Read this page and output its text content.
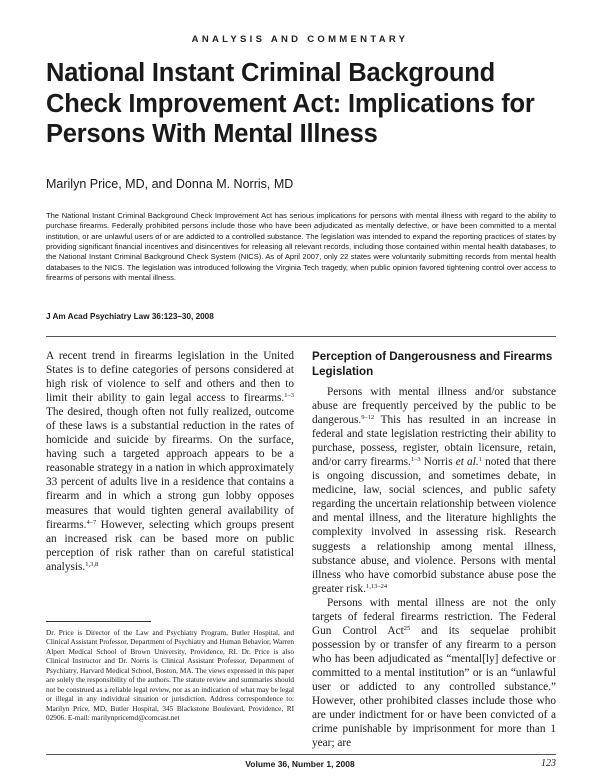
ANALYSIS AND COMMENTARY
National Instant Criminal Background Check Improvement Act: Implications for Persons With Mental Illness
Marilyn Price, MD, and Donna M. Norris, MD

The National Instant Criminal Background Check Improvement Act has serious implications for persons with mental illness with regard to the ability to purchase firearms. Federally prohibited persons include those who have been adjudicated as mentally defective, or have been committed to a mental institution, or are unlawful users of or are addicted to a controlled substance. The legislation was intended to expand the reporting practices of states by providing significant financial incentives and disincentives for releasing all relevant records, including those contained within mental health databases, to the National Instant Criminal Background Check System (NICS). As of April 2007, only 22 states were voluntarily submitting records from mental health databases to the NICS. The legislation was introduced following the Virginia Tech tragedy, when public opinion favored tightening control over access to firearms of persons with mental illness.

J Am Acad Psychiatry Law 36:123–30, 2008

A recent trend in firearms legislation in the United States is to define categories of persons considered at high risk of violence to self and others and then to limit their ability to gain legal access to firearms.$^{1-3}$ The desired, though often not fully realized, outcome of these laws is a substantial reduction in the rates of homicide and suicide by firearms. On the surface, having such a targeted approach appears to be a reasonable strategy in a nation in which approximately 33 percent of adults live in a residence that contains a firearm and in which a strong gun lobby opposes measures that would tighten general availability of firearms.$^{4-7}$ However, selecting which groups present an increased risk can be based more on public perception of risk rather than on careful statistical analysis.$^{1,3,8}$

Dr. Price is Director of the Law and Psychiatry Program, Butler Hospital, and Clinical Assistant Professor, Department of Psychiatry and Human Behavior, Warren Alpert Medical School of Brown University, Providence, RI. Dr. Price is also Clinical Instructor and Dr. Norris is Clinical Assistant Professor, Department of Psychiatry, Harvard Medical School, Boston, MA. The views expressed in this paper are solely the responsibility of the authors. The statute review and summaries should not be construed as a reliable legal review, nor as an indication of what may be legal or illegal in any individual situation or jurisdiction. Address correspondence to: Marilyn Price, MD, Butler Hospital, 345 Blackstone Boulevard, Providence, RI 02906. E-mail: marilynpricemd@comcast.net

Perception of Dangerousness and Firearms Legislation

Persons with mental illness and/or substance abuse are frequently perceived by the public to be dangerous.$^{9-12}$ This has resulted in an increase in federal and state legislation restricting their ability to purchase, possess, register, obtain licensure, retain, and/or carry firearms.$^{1-3}$ Norris et al.$^1$ noted that there is ongoing discussion, and sometimes debate, in medicine, law, social sciences, and public safety regarding the uncertain relationship between violence and mental illness, and the literature highlights the complexity involved in assessing risk. Research suggests a relationship among mental illness, substance abuse, and violence. Persons with mental illness who have comorbid substance abuse pose the greater risk.$^{1,13-24}$

Persons with mental illness are not the only targets of federal firearms restriction. The Federal Gun Control Act$^{25}$ and its sequelae prohibit possession by or transfer of any firearm to a person who has been adjudicated as “mental[ly] defective or committed to a mental institution” or is an “unlawful user or addicted to any controlled substance.” However, other prohibited classes include those who are under indictment for or have been convicted of a crime punishable by imprisonment for more than 1 year; are

Volume 36, Number 1, 2008	123
